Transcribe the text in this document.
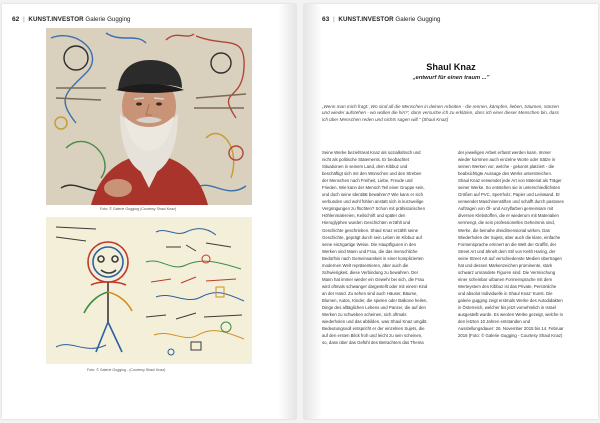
62 | KUNST.INVESTOR Galerie Gugging
Foto: © Galerie Gugging (Courtesy Shaul Knaz)
Foto: © Galerie Gugging - (Courtesy Shaul Knaz)
63 | KUNST.INVESTOR Galerie Gugging
Shaul Knaz
„entwurf für einen traum ..."
„Wenn man mich fragt: ‚Wo sind all die Menschen in deinen Arbeiten - die rennen, kämpfen, lieben, träumen, stürzen
und wieder aufstehen - wo wollen die hin?', dann versuche ich zu erklären, dass ich einer dieser Menschen bin, dass
ich über Menschen reden und nichts sagen will." (Shaul Knaz)
Seine Werke beziehtreat Knaz als sozialkritisch und
nicht als politische Statements. Er beobachtet
Situationen in seinem Land, dem Kibbuz und
beschäftigt sich mit den Wünschen und den Streben
der Menschen nach Freiheit, Liebe, Freude und
Frieden. Wie kann der Mensch Teil einer Gruppe sein,
und doch seine Identität bewahren? Wie kann er sich
verbunden und wohl fühlen anstatt sich in kurzweilige
Vergnügungen zu flüchten? Schon mit prähistorischen
Höhlenmalereien, Keilschrift und später den
Hieroglyphen wurden Geschichten erzählt und
Geschichte geschrieben. Shaul Knaz erzählt seine
Geschichte, geprägt durch sein Leben im Kibbuz auf
seine einzigartige Weise. Die Hauptfiguren in den
Werken sind Mann und Frau, die das menschliche
Bedürfnis nach Gemeinsamkeit in einer komplizierten
modernen Welt repräsentieren, aber auch die
Schwierigkeit, diese Verbindung zu bewahren. Der
Mann hat immer wieder ein Gewehr bei sich, die Frau
wird oftmals schwanger dargestellt oder mit einem Kind
an der Hand. Zu sehen sind auch Häuser, Bäume,
Blumen, Autos, Kinder, die spielen oder Balkone heilen,
Dinge des alltäglichen Lebens und Panzer, die auf den
Werken zu schweben scheinen, sich oftmals
wiederholen und das abbilden, was Shaul Knaz umgibt.
Bedeutungsvoll entspricht er der einzelnen Sujets, die
auf den ersten Blick froh und leicht zu sein scheinen,
so, dass über das Gefühl des Betrachters das Thema
der jeweiligen Arbeit erfasst werden kann. Immer
wieder kommen auch einzelne Worte oder Sätze in
seinen Werken vor, welche - gekonnt platziert - die
beabsichtigte Aussage des Werks unterstreichen.
Shaul Knaz verwendet jede Art von Material als Träger
seiner Werke. So entstehen sie in unterschiedlichsten
Größen auf PVC, Sperrholz, Papier und Leinwand. Er
verwendet Maschinenstiften und schafft durch pastoses
Auftragen von Öl- und Acrylfarben gemeinsam mit
diversen Klebstoffen, die er wiederum mit Materialien
vermengt, die sein professionelles Geheimnis sind,
Werke, die beinahe dreidimensional wirken. Das
Wiederholen der Sujets, aber auch die klare, einfache
Formensprache erinnert an die Welt der Graffiti, der
Street Art und ähnelt dem Stil von Keith Haring, der
seine Street Art auf verschiedenste Medien übertragen
hat und dessen Markenzeichen prominente, stark
schwarz umrandete Figuren sind. Die Vermischung
einer scheinbar urbanen Formensprache mit dem
Werteystem des Kibbuz ist das Private, Persönliche
und absolut Individuelle in Shaul Knaz' Kunst. Die
galerie gugging zeigt erstmals Werke des Autodidakten
in Österreich, welcher bis jetzt vornehmlich in Israel
ausgestellt wurde. Es werden Werke gezeigt, welche in
den letzten 10 Jahren entstanden und
Ausstellungsdauer: 26. November 2015 bis 14. Februar
2016 (Foto: © Galerie Gugging - Courtesy Shaul Knaz)
